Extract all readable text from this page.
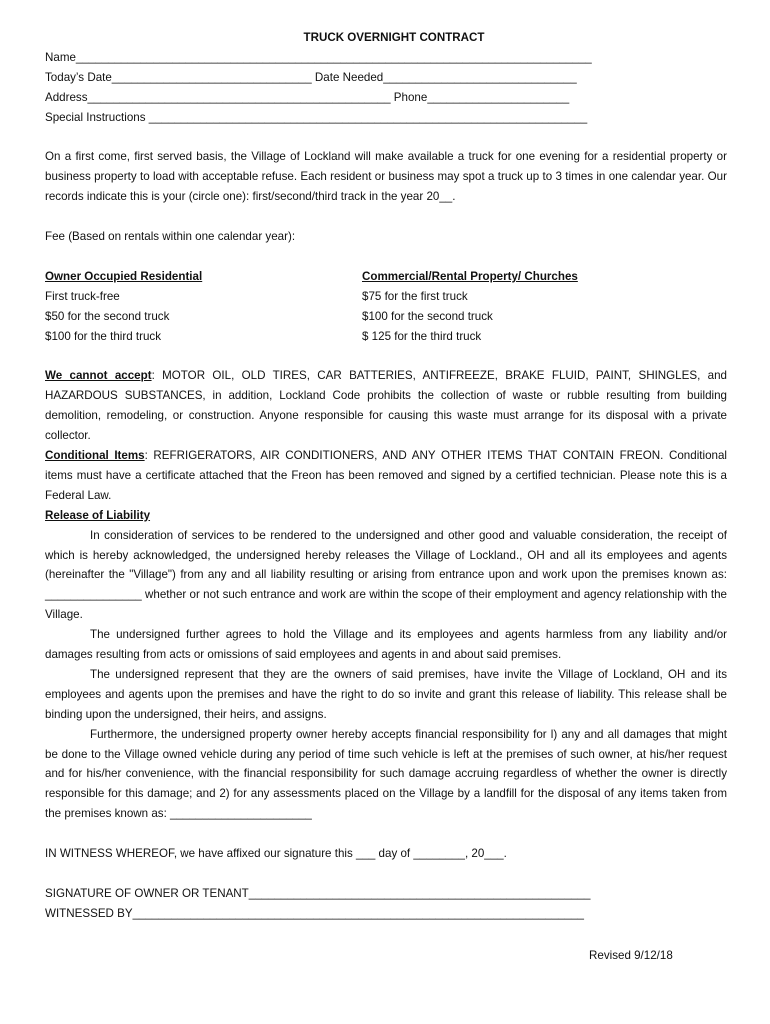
TRUCK OVERNIGHT CONTRACT

Name________________________________________________________________________________

Today’s Date_______________________________ Date Needed______________________________

Address_______________________________________________ Phone______________________

Special Instructions ____________________________________________________________________

On a first come, first served basis, the Village of Lockland will make available a truck for one evening for a residential property or business property to load with acceptable refuse. Each resident or business may spot a truck up to 3 times in one calendar year. Our records indicate this is your (circle one): first/second/third track in the year 20__.

Fee (Based on rentals within one calendar year):

Owner Occupied Residential

First truck-free

$50 for the second truck

$100 for the third truck

Commercial/Rental Property/ Churches

$75 for the first truck

$100 for the second truck

$ 125 for the third truck

We cannot accept: MOTOR OIL, OLD TIRES, CAR BATTERIES, ANTIFREEZE, BRAKE FLUID, PAINT, SHINGLES, and HAZARDOUS SUBSTANCES, in addition, Lockland Code prohibits the collection of waste or rubble resulting from building demolition, remodeling, or construction. Anyone responsible for causing this waste must arrange for its disposal with a private collector.

Conditional Items: REFRIGERATORS, AIR CONDITIONERS, AND ANY OTHER ITEMS THAT CONTAIN FREON. Conditional items must have a certificate attached that the Freon has been removed and signed by a certified technician. Please note this is a Federal Law.

Release of Liability

In consideration of services to be rendered to the undersigned and other good and valuable consideration, the receipt of which is hereby acknowledged, the undersigned hereby releases the Village of Lockland., OH and all its employees and agents (hereinafter the "Village") from any and all liability resulting or arising from entrance upon and work upon the premises known as: _______________ whether or not such entrance and work are within the scope of their employment and agency relationship with the Village.

The undersigned further agrees to hold the Village and its employees and agents harmless from any liability and/or damages resulting from acts or omissions of said employees and agents in and about said premises.

The undersigned represent that they are the owners of said premises, have invite the Village of Lockland, OH and its employees and agents upon the premises and have the right to do so invite and grant this release of liability. This release shall be binding upon the undersigned, their heirs, and assigns.

Furthermore, the undersigned property owner hereby accepts financial responsibility for l) any and all damages that might be done to the Village owned vehicle during any period of time such vehicle is left at the premises of such owner, at his/her request and for his/her convenience, with the financial responsibility for such damage accruing regardless of whether the owner is directly responsible for this damage; and 2) for any assessments placed on the Village by a landfill for the disposal of any items taken from the premises known as: ______________________

IN WITNESS WHEREOF, we have affixed our signature this ___ day of ________, 20___.

SIGNATURE OF OWNER OR TENANT_____________________________________________________

WITNESSED BY______________________________________________________________________

Revised 9/12/18
